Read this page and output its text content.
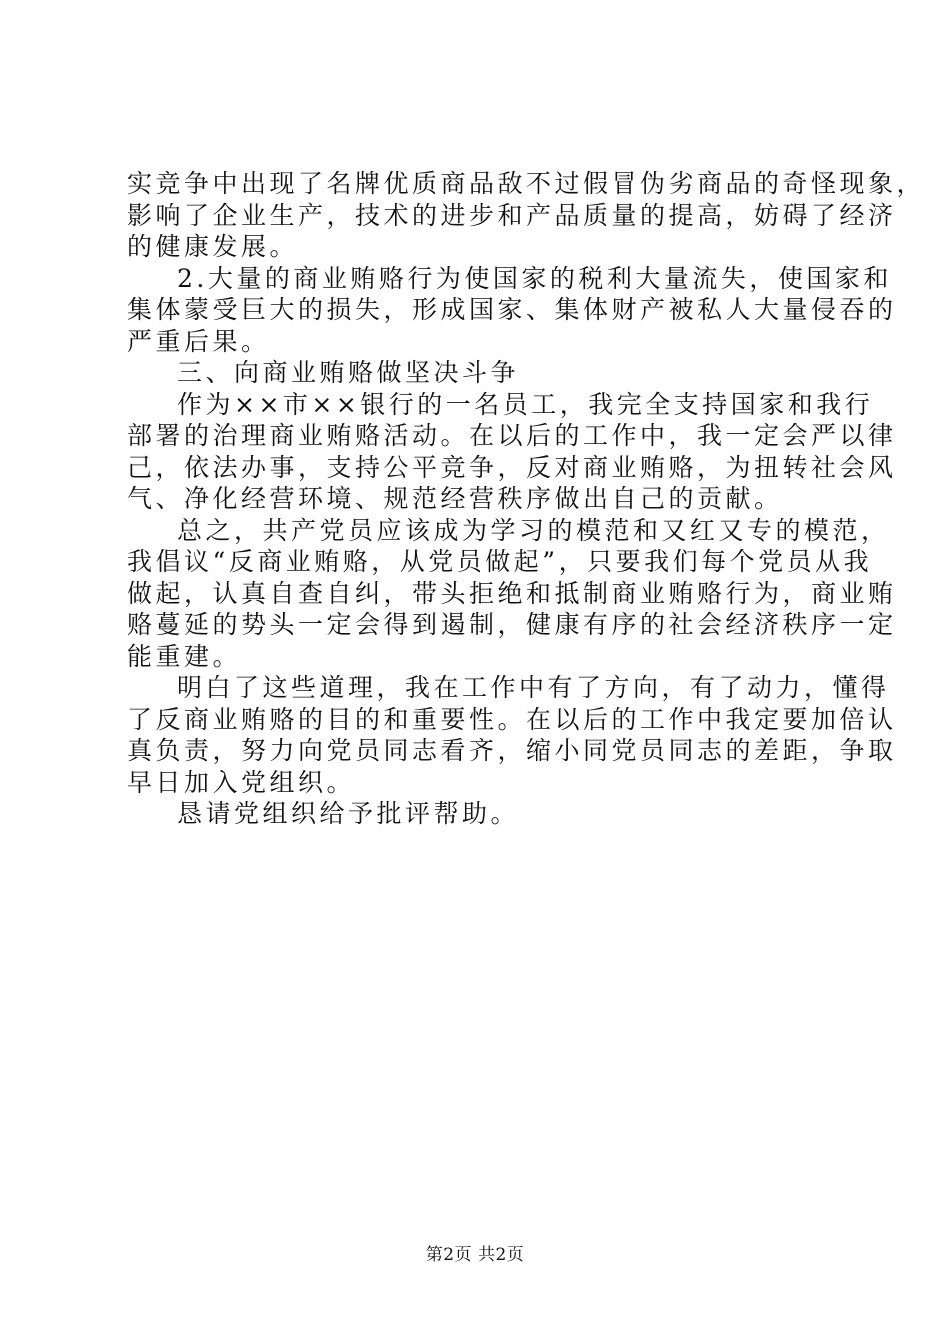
实竞争中出现了名牌优质商品敌不过假冒伪劣商品的奇怪现象，
影响了企业生产，技术的进步和产品质量的提高，妨碍了经济
的健康发展。
2.大量的商业贿赂行为使国家的税利大量流失，使国家和
集体蒙受巨大的损失，形成国家、集体财产被私人大量侵吞的
严重后果。
三、向商业贿赂做坚决斗争
作为××市××银行的一名员工，我完全支持国家和我行
部署的治理商业贿赂活动。在以后的工作中，我一定会严以律
己，依法办事，支持公平竞争，反对商业贿赂，为扭转社会风
气、净化经营环境、规范经营秩序做出自己的贡献。
总之，共产党员应该成为学习的模范和又红又专的模范，
我倡议“反商业贿赂，从党员做起”，只要我们每个党员从我
做起，认真自查自纠，带头拒绝和抵制商业贿赂行为，商业贿
赂蔓延的势头一定会得到遏制，健康有序的社会经济秩序一定
能重建。
明白了这些道理，我在工作中有了方向，有了动力，懂得
了反商业贿赂的目的和重要性。在以后的工作中我定要加倍认
真负责，努力向党员同志看齐，缩小同党员同志的差距，争取
早日加入党组织。
恳请党组织给予批评帮助。
第2页 共2页
